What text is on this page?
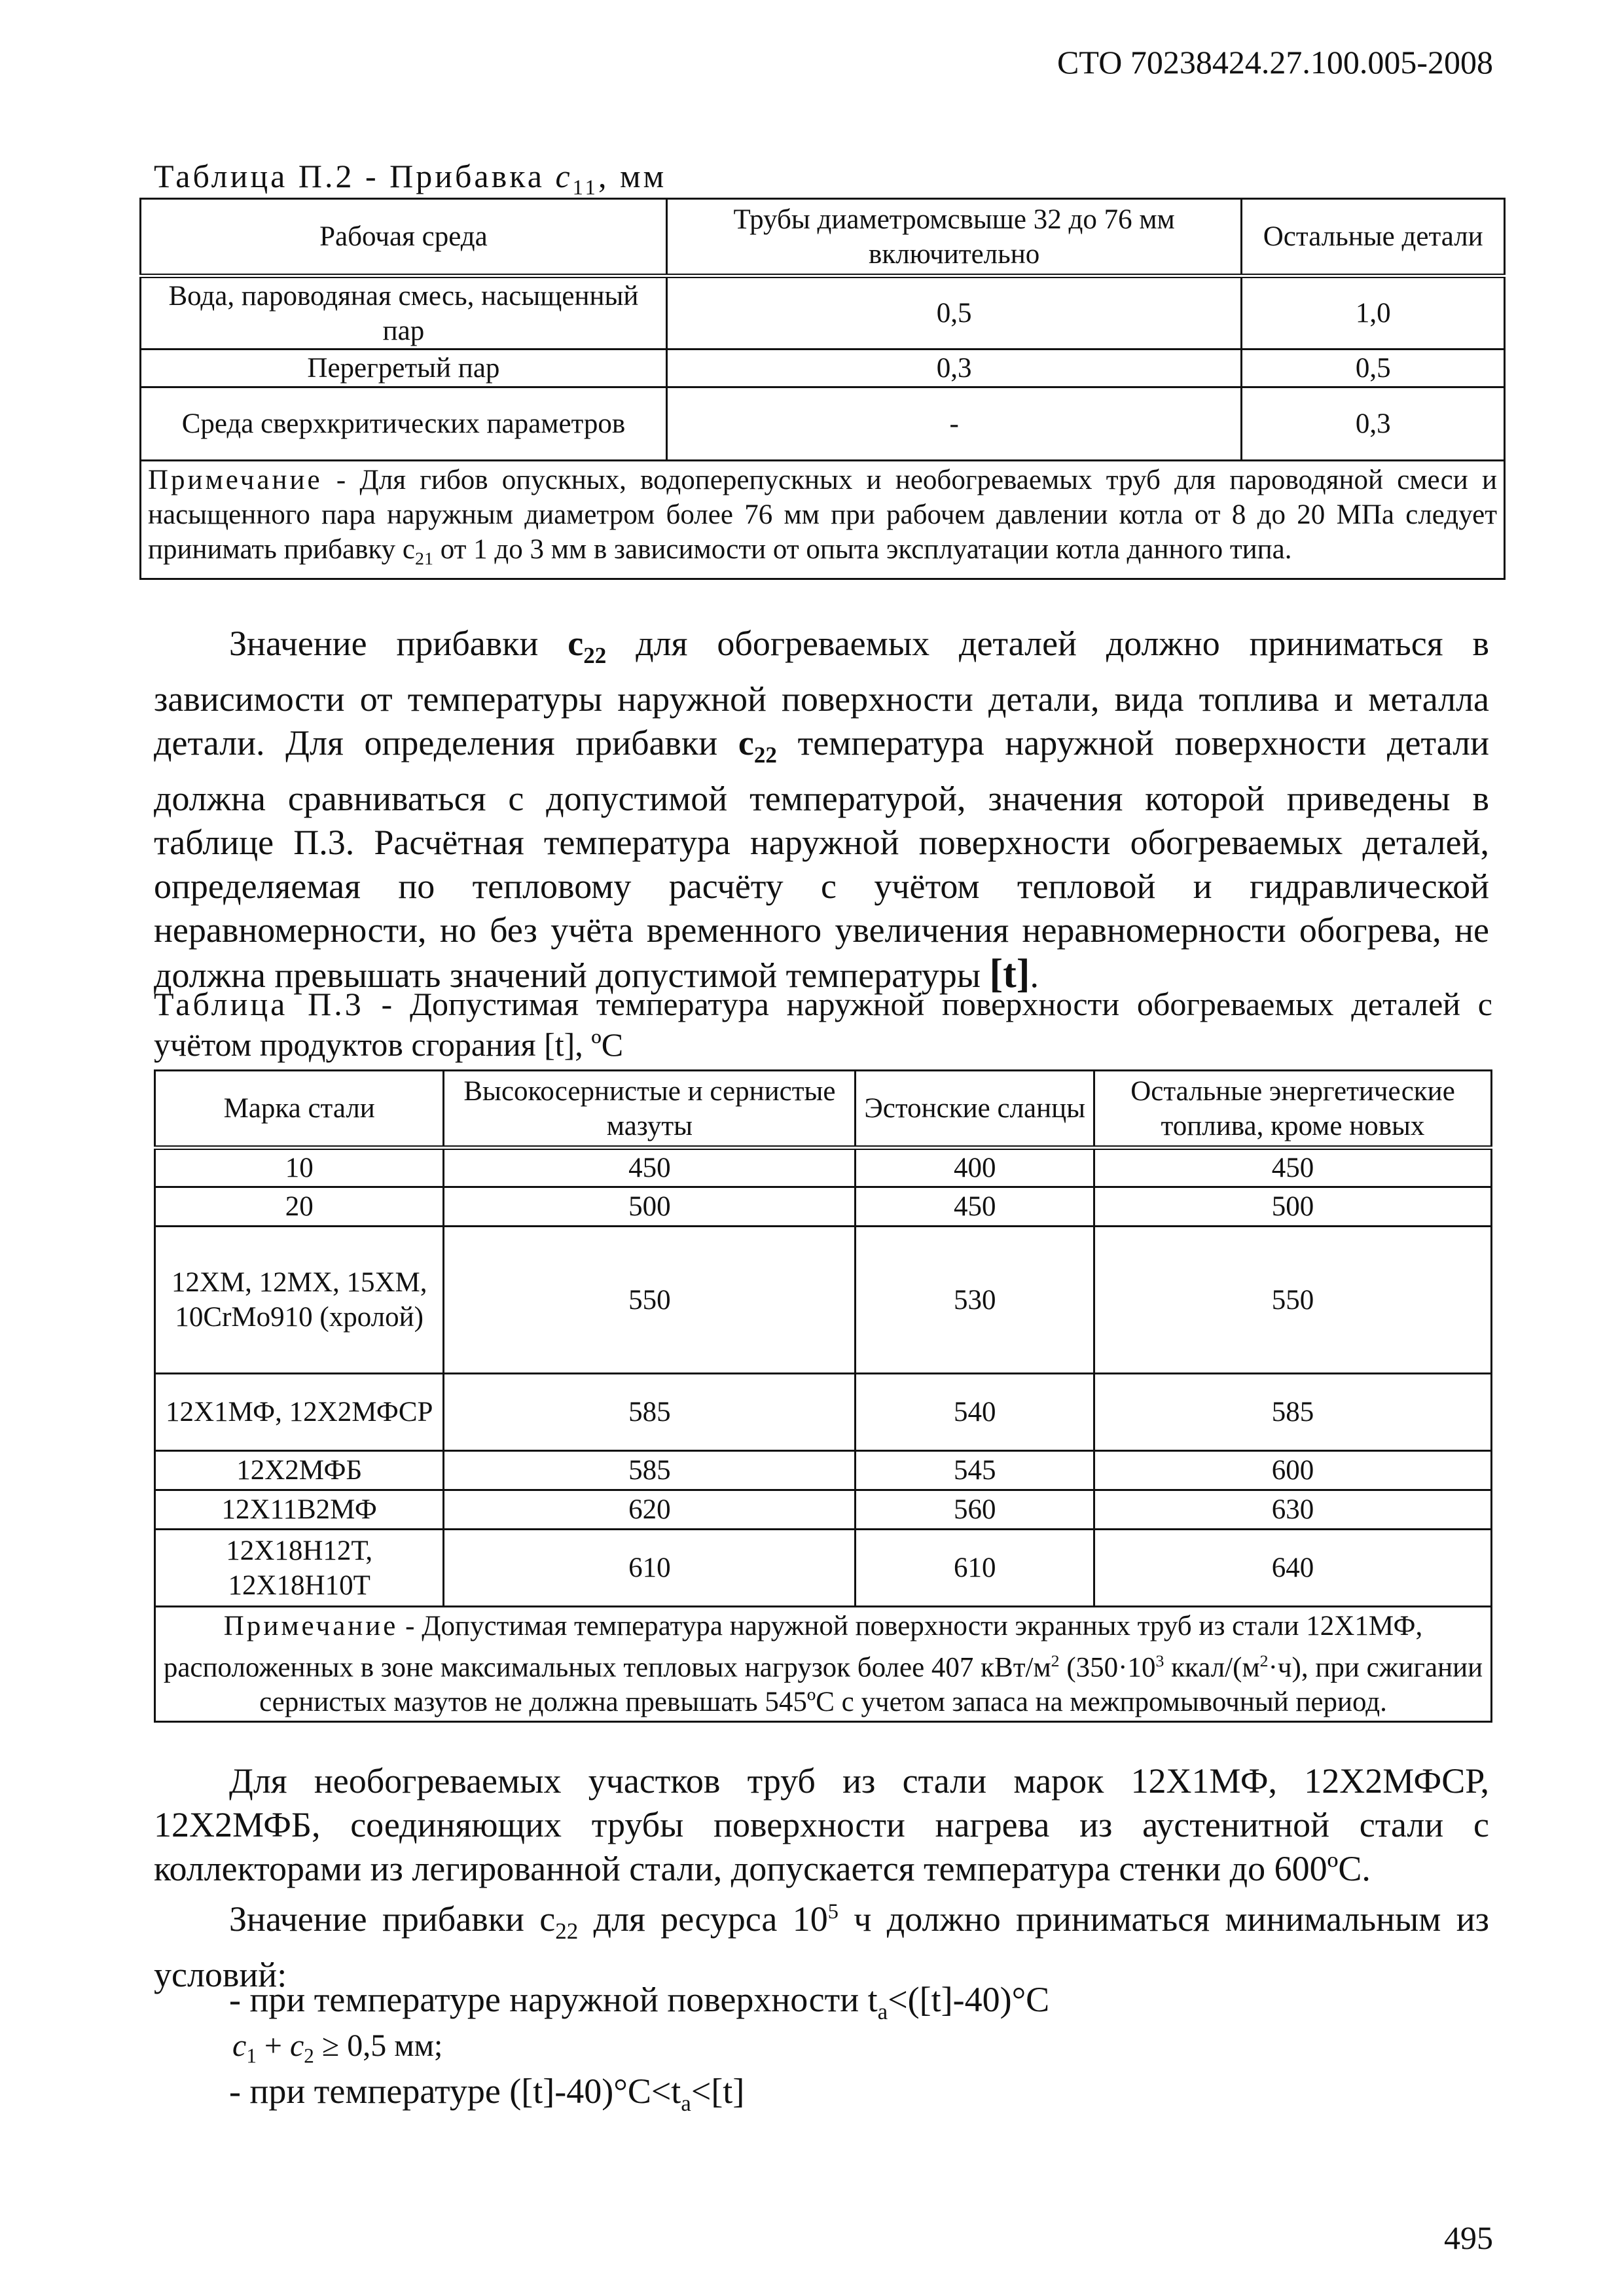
СТО 70238424.27.100.005-2008
Таблица П.2 - Прибавка $c_{11}$, мм
Рабочая среда	Трубы диаметромсвыше 32 до 76 мм включительно	Остальные детали
Вода, пароводяная смесь, насыщенный пар	0,5	1,0
Перегретый пар	0,3	0,5
Среда сверхкритических параметров	-	0,3
Примечание - Для гибов опускных, водоперепускных и необогреваемых труб для пароводяной смеси и насыщенного пара наружным диаметром более 76 мм при рабочем давлении котла от 8 до 20 МПа следует принимать прибавку $c_{21}$ от 1 до 3 мм в зависимости от опыта эксплуатации котла данного типа.		

Значение прибавки $c_{22}$ для обогреваемых деталей должно приниматься в зависимости от температуры наружной поверхности детали, вида топлива и металла детали. Для определения прибавки $c_{22}$ температура наружной поверхности детали должна сравниваться с допустимой температурой, значения которой приведены в таблице П.3. Расчётная температура наружной поверхности обогреваемых деталей, определяемая по тепловому расчёту с учётом тепловой и гидравлической неравномерности, но без учёта временного увеличения неравномерности обогрева, не должна превышать значений допустимой температуры [t].

Таблица П.3 - Допустимая температура наружной поверхности обогреваемых деталей с учётом продуктов сгорания [t], ºС
Марка стали	Высокосернистые и сернистые мазуты	Эстонские сланцы	Остальные энергетические топлива, кроме новых
10	450	400	450
20	500	450	500
12ХМ, 12МХ, 15ХМ, 10CrMo910 (хролой)	550	530	550
12Х1МФ, 12Х2МФСР	585	540	585
12Х2МФБ	585	545	600
12Х11В2МФ	620	560	630
12Х18Н12Т, 12Х18Н10Т	610	610	640
Примечание - Допустимая температура наружной поверхности экранных труб из стали 12Х1МФ, расположенных в зоне максимальных тепловых нагрузок более 407 кВт/$м^2$ ($350\cdot 10^3$ ккал/$(м^2\cdot ч)$, при сжигании сернистых мазутов не должна превышать 545ºС с учетом запаса на межпромывочный период.			

Для необогреваемых участков труб из стали марок 12Х1МФ, 12Х2МФСР, 12Х2МФБ, соединяющих трубы поверхности нагрева из аустенитной стали с коллекторами из легированной стали, допускается температура стенки до 600ºС.

Значение прибавки $c_{22}$ для ресурса $10^5$ ч должно приниматься минимальным из условий:

- при температуре наружной поверхности $t_a<([t]-40)^\circ C$
$c_1 + c_2 \ge 0,5$ мм;
- при температуре $([t]-40)^\circ C<t_a<[t]$
495
